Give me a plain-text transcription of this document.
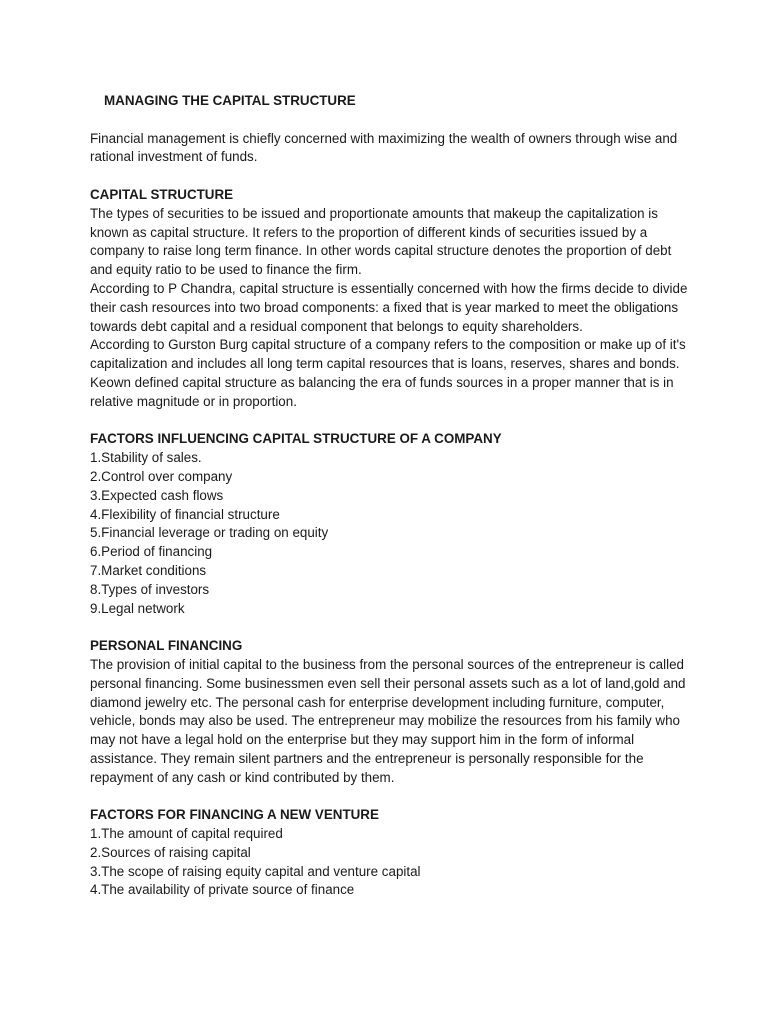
MANAGING THE CAPITAL STRUCTURE

Financial management is chiefly concerned with maximizing the wealth of owners through wise and rational investment of funds.

CAPITAL STRUCTURE

The types of securities to be issued and proportionate amounts that makeup the capitalization is known as capital structure. It refers to the proportion of different kinds of securities issued by a company to raise long term finance. In other words capital structure denotes the proportion of debt and equity ratio to be used to finance the firm.

According to P Chandra, capital structure is essentially concerned with how the firms decide to divide their cash resources into two broad components: a fixed that is year marked to meet the obligations towards debt capital and a residual component that belongs to equity shareholders.

According to Gurston Burg capital structure of a company refers to the composition or make up of it's capitalization and includes all long term capital resources that is loans, reserves, shares and bonds.

Keown defined capital structure as balancing the era of funds sources in a proper manner that is in relative magnitude or in proportion.

FACTORS INFLUENCING CAPITAL STRUCTURE OF A COMPANY

1.Stability of sales.
2.Control over company
3.Expected cash flows
4.Flexibility of financial structure
5.Financial leverage or trading on equity
6.Period of financing
7.Market conditions
8.Types of investors
9.Legal network

PERSONAL FINANCING

The provision of initial capital to the business from the personal sources of the entrepreneur is called personal financing. Some businessmen even sell their personal assets such as a lot of land,gold and diamond jewelry etc. The personal cash for enterprise development including furniture, computer, vehicle, bonds may also be used. The entrepreneur may mobilize the resources from his family who may not have a legal hold on the enterprise but they may support him in the form of informal assistance. They remain silent partners and the entrepreneur is personally responsible for the repayment of any cash or kind contributed by them.

FACTORS FOR FINANCING A NEW VENTURE

1.The amount of capital required
2.Sources of raising capital
3.The scope of raising equity capital and venture capital
4.The availability of private source of finance
